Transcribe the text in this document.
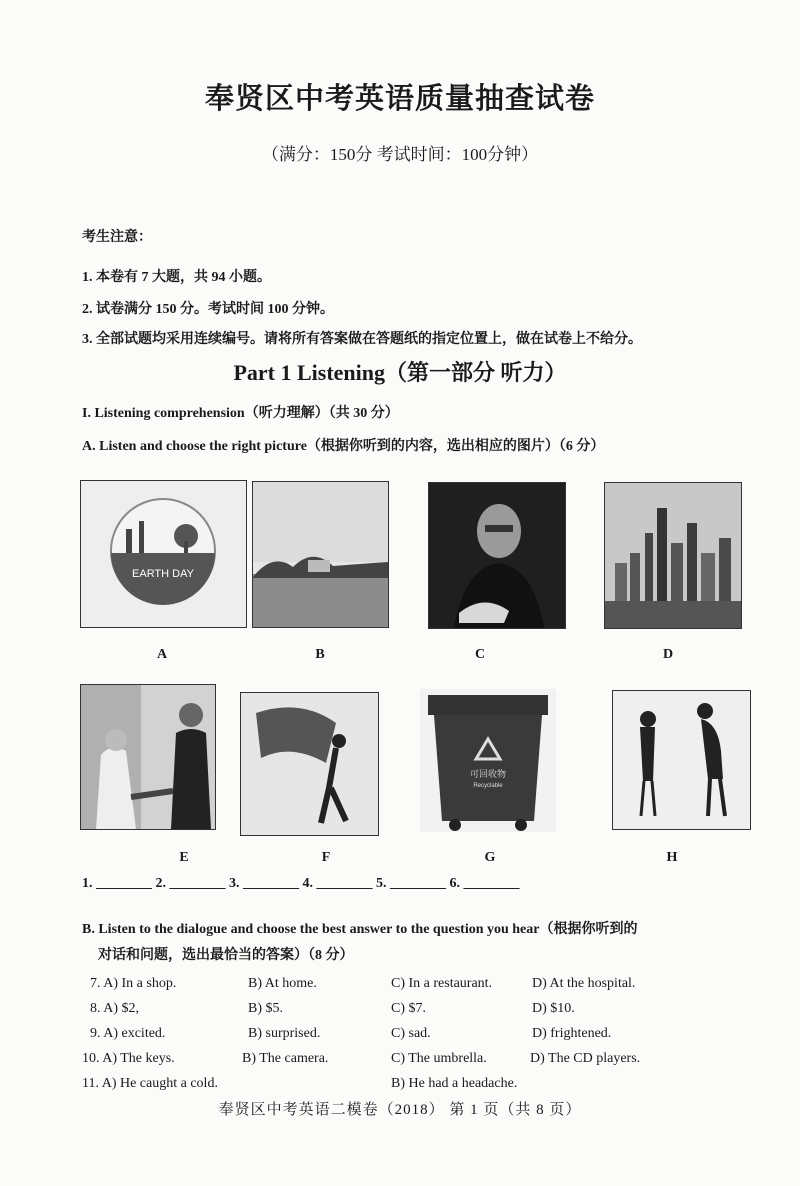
奉贤区中考英语质量抽查试卷
（满分：150分 考试时间：100分钟）
考生注意：
1. 本卷有 7 大题，共 94 小题。
2. 试卷满分 150 分。考试时间 100 分钟。
3. 全部试题均采用连续编号。请将所有答案做在答题纸的指定位置上，做在试卷上不给分。
Part 1 Listening（第一部分 听力）
I. Listening comprehension（听力理解）（共 30 分）
A. Listen and choose the right picture（根据你听到的内容，选出相应的图片）（6 分）
EARTH DAY
A	B	C	D
可回收物
Recyclable
E	F	G	H
1. ________ 2. ________ 3. ________ 4. ________ 5. ________ 6. ________
B. Listen to the dialogue and choose the best answer to the question you hear（根据你听到的
对话和问题，选出最恰当的答案）（8 分）
7. A) In a shop.	B) At home.	C) In a restaurant.	D) At the hospital.
8. A) $2,	B) $5.	C) $7.	D) $10.
9. A) excited.	B) surprised.	C) sad.	D) frightened.
10. A) The keys.	B) The camera.	C) The umbrella.	D) The CD players.
11. A) He caught a cold.	B) He had a headache.
奉贤区中考英语二模卷（2018） 第 1 页（共 8 页）
